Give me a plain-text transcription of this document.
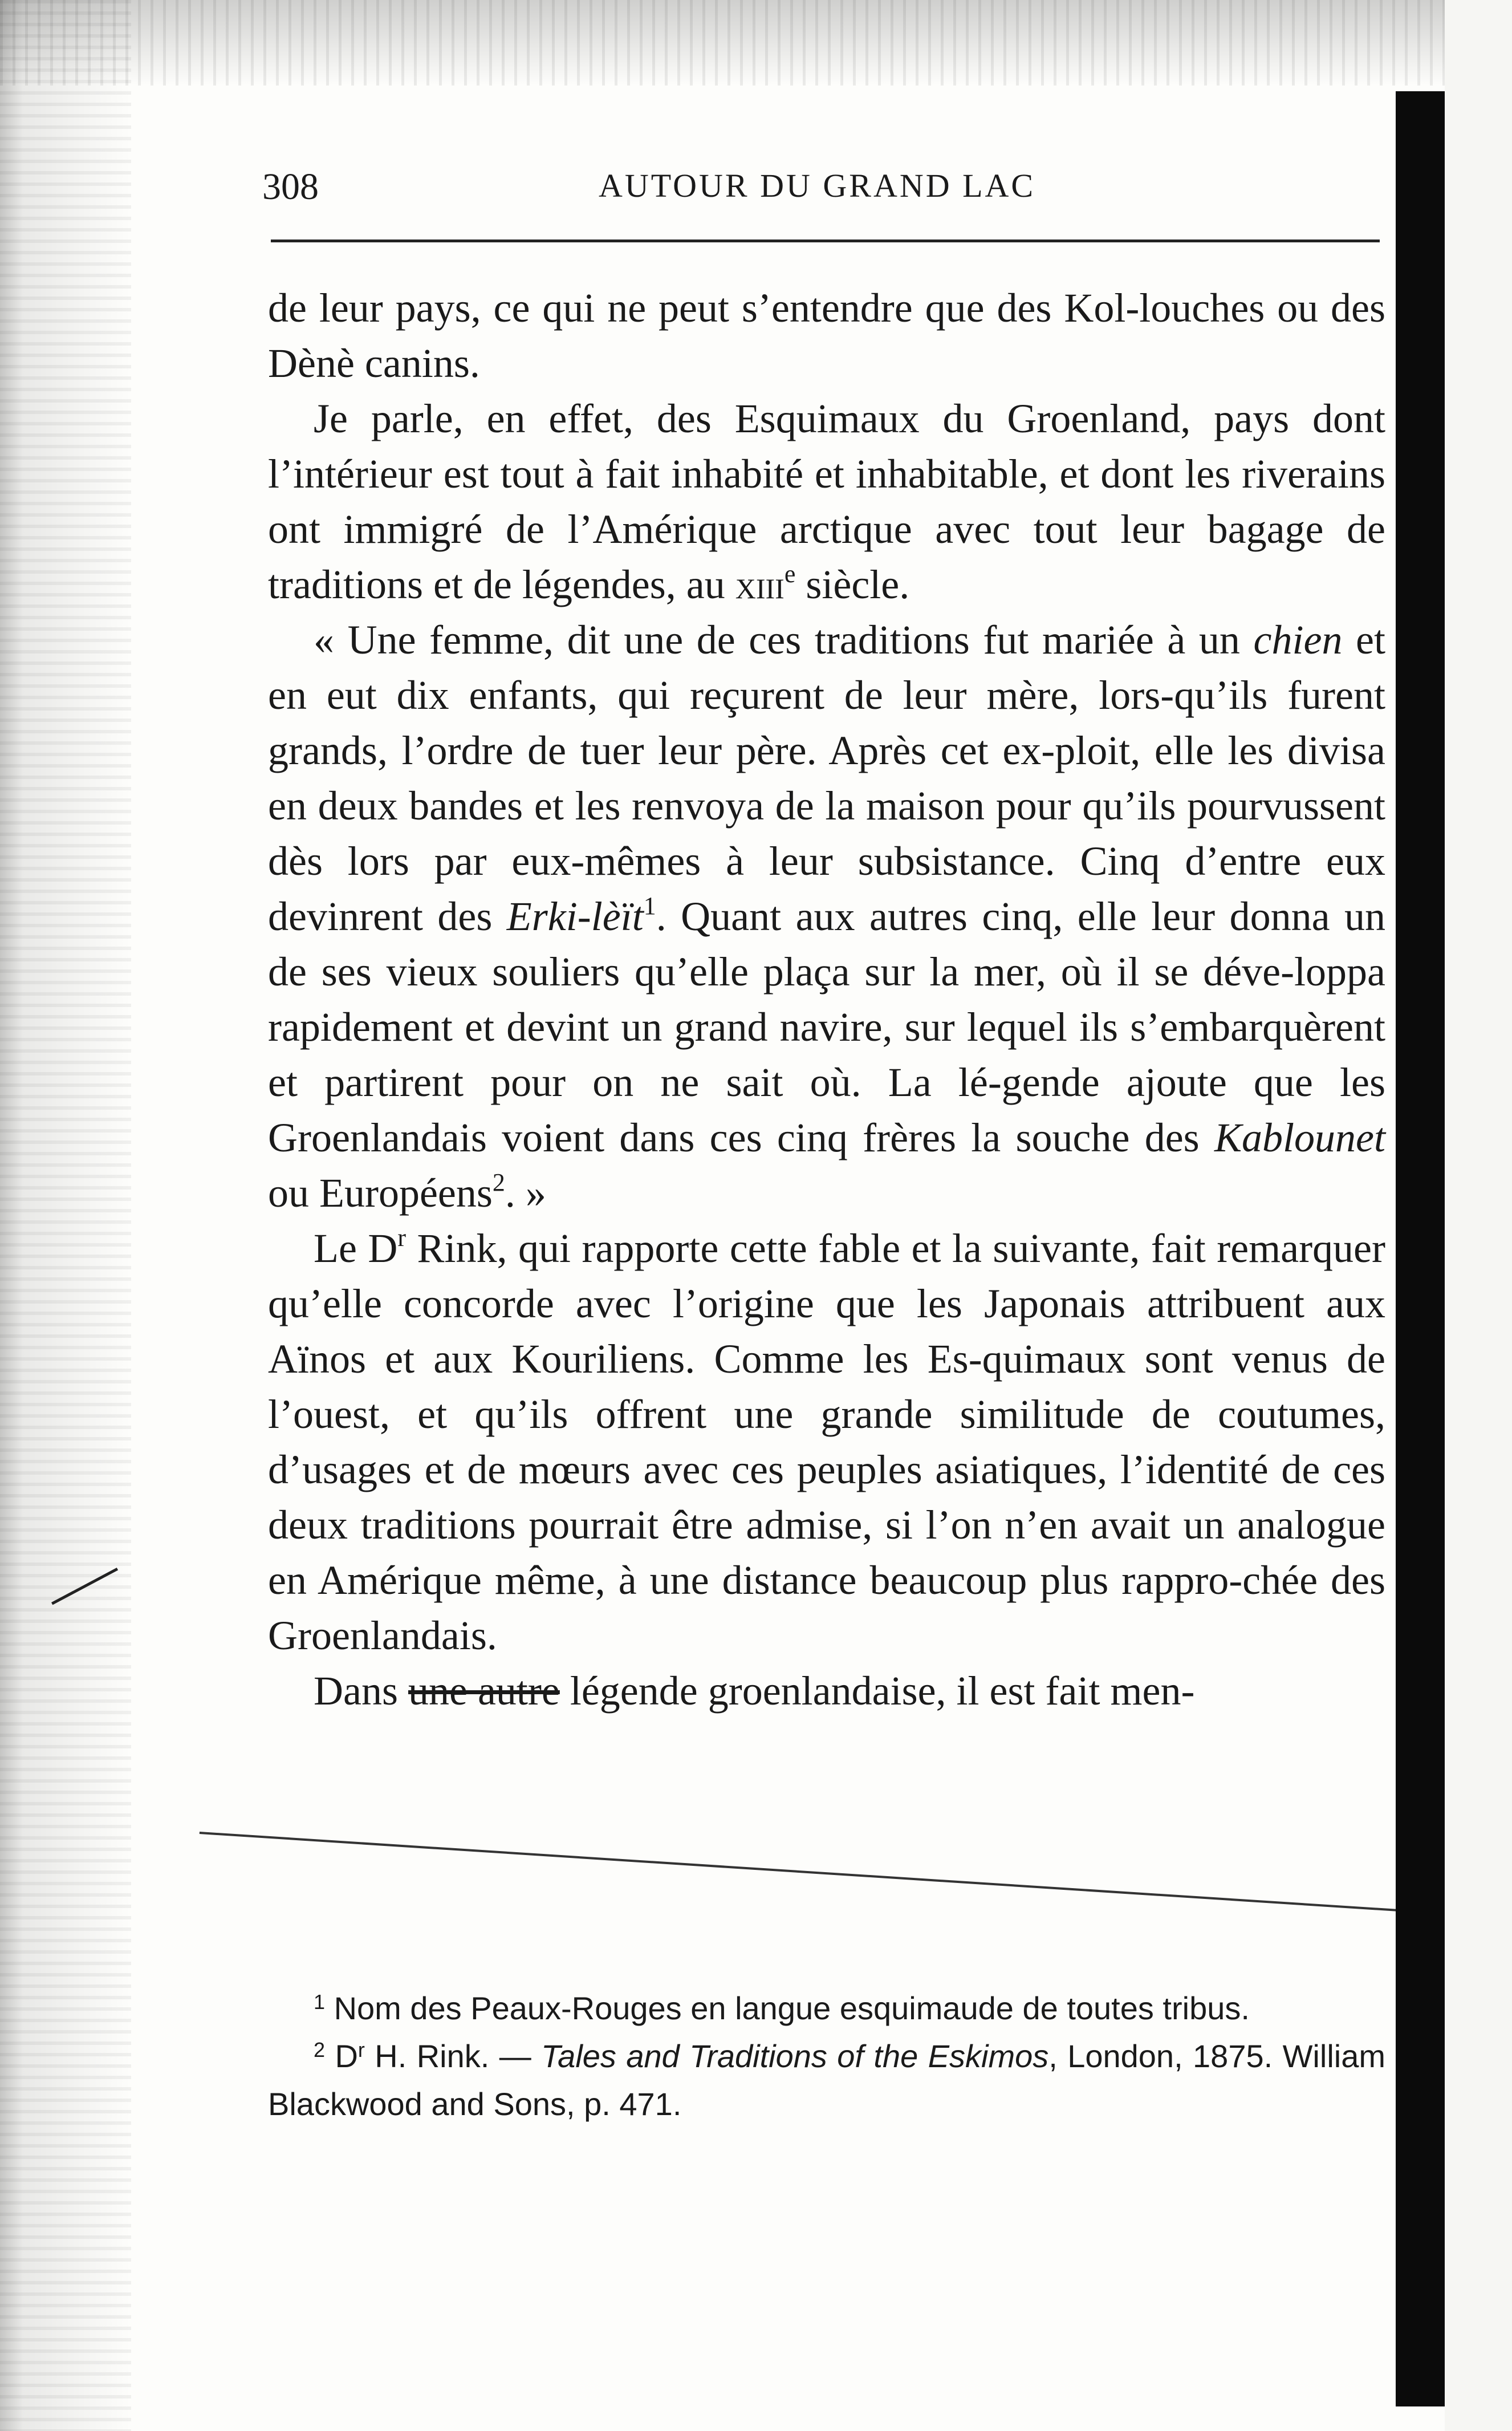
308	AUTOUR DU GRAND LAC

de leur pays, ce qui ne peut s’entendre que des Kol-louches ou des Dènè canins.

Je parle, en effet, des Esquimaux du Groenland, pays dont l’intérieur est tout à fait inhabité et inhabitable, et dont les riverains ont immigré de l’Amérique arctique avec tout leur bagage de traditions et de légendes, au xiii$^e$ siècle.

« Une femme, dit une de ces traditions fut mariée à un chien et en eut dix enfants, qui reçurent de leur mère, lors-qu’ils furent grands, l’ordre de tuer leur père. Après cet ex-ploit, elle les divisa en deux bandes et les renvoya de la maison pour qu’ils pourvussent dès lors par eux-mêmes à leur subsistance. Cinq d’entre eux devinrent des Erki-lèït$^1$. Quant aux autres cinq, elle leur donna un de ses vieux souliers qu’elle plaça sur la mer, où il se déve-loppa rapidement et devint un grand navire, sur lequel ils s’embarquèrent et partirent pour on ne sait où. La lé-gende ajoute que les Groenlandais voient dans ces cinq frères la souche des Kablounet ou Européens$^2$. »

Le $D^r$ Rink, qui rapporte cette fable et la suivante, fait remarquer qu’elle concorde avec l’origine que les Japonais attribuent aux Aïnos et aux Kouriliens. Comme les Es-quimaux sont venus de l’ouest, et qu’ils offrent une grande similitude de coutumes, d’usages et de mœurs avec ces peuples asiatiques, l’identité de ces deux traditions pourrait être admise, si l’on n’en avait un analogue en Amérique même, à une distance beaucoup plus rappro-chée des Groenlandais.

Dans une autre légende groenlandaise, il est fait men-

$^1$ Nom des Peaux-Rouges en langue esquimaude de toutes tribus.

$^2$ $D^r$ H. Rink. — Tales and Traditions of the Eskimos, London, 1875. William Blackwood and Sons, p. 471.
